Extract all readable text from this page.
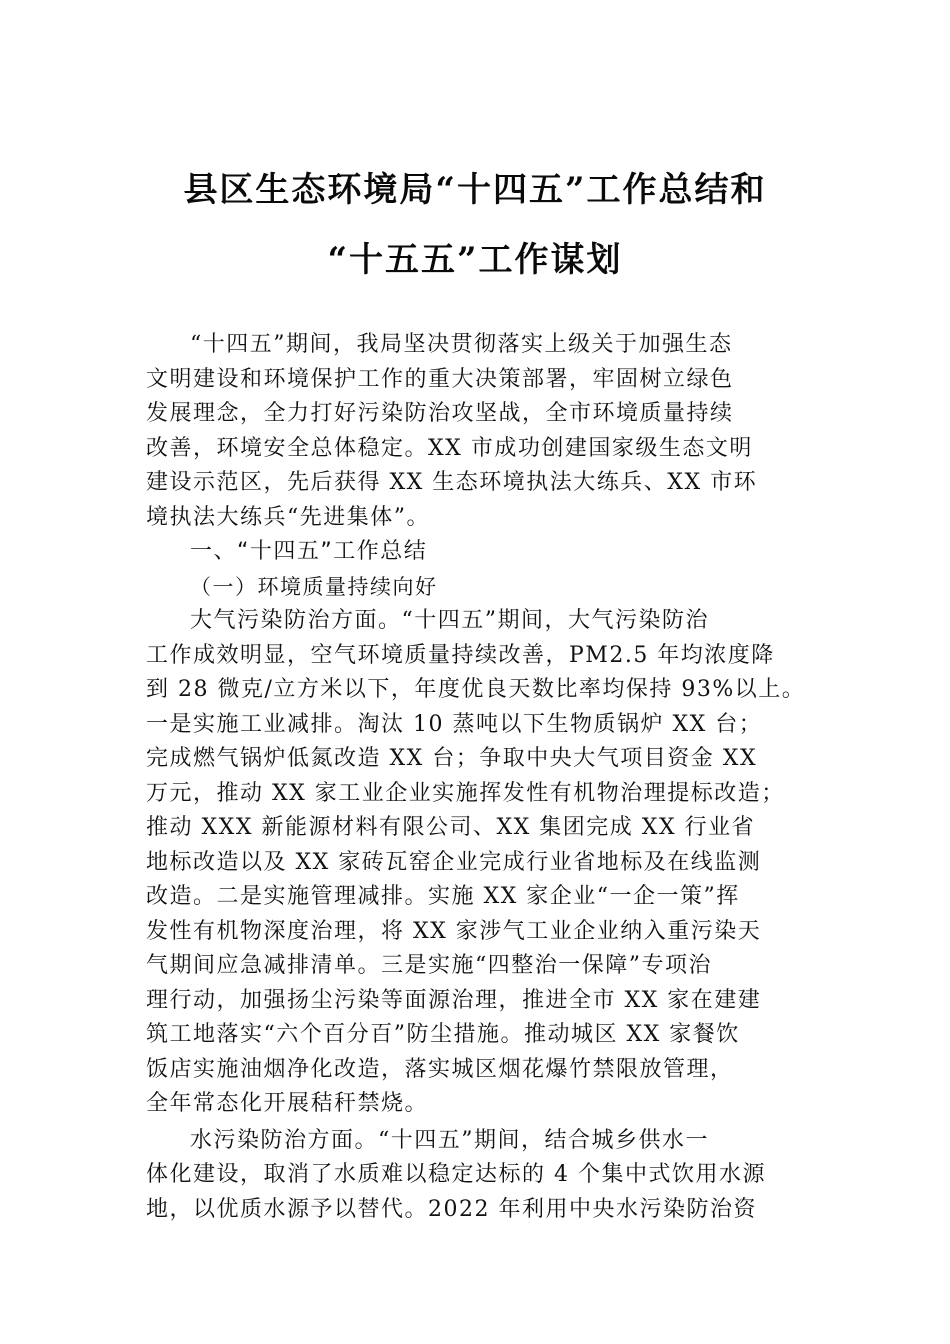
县区生态环境局“十四五”工作总结和
“十五五”工作谋划
“十四五”期间，我局坚决贯彻落实上级关于加强生态
文明建设和环境保护工作的重大决策部署，牢固树立绿色
发展理念，全力打好污染防治攻坚战，全市环境质量持续
改善，环境安全总体稳定。XX 市成功创建国家级生态文明
建设示范区，先后获得 XX 生态环境执法大练兵、XX 市环
境执法大练兵“先进集体”。
一、“十四五”工作总结
（一）环境质量持续向好
大气污染防治方面。“十四五”期间，大气污染防治
工作成效明显，空气环境质量持续改善，PM2.5 年均浓度降
到 28 微克/立方米以下，年度优良天数比率均保持 93%以上。
一是实施工业减排。淘汰 10 蒸吨以下生物质锅炉 XX 台；
完成燃气锅炉低氮改造 XX 台；争取中央大气项目资金 XX
万元，推动 XX 家工业企业实施挥发性有机物治理提标改造；
推动 XXX 新能源材料有限公司、XX 集团完成 XX 行业省
地标改造以及 XX 家砖瓦窑企业完成行业省地标及在线监测
改造。二是实施管理减排。实施 XX 家企业“一企一策”挥
发性有机物深度治理，将 XX 家涉气工业企业纳入重污染天
气期间应急减排清单。三是实施“四整治一保障”专项治
理行动，加强扬尘污染等面源治理，推进全市 XX 家在建建
筑工地落实“六个百分百”防尘措施。推动城区 XX 家餐饮
饭店实施油烟净化改造，落实城区烟花爆竹禁限放管理，
全年常态化开展秸秆禁烧。
水污染防治方面。“十四五”期间，结合城乡供水一
体化建设，取消了水质难以稳定达标的 4 个集中式饮用水源
地，以优质水源予以替代。2022 年利用中央水污染防治资
